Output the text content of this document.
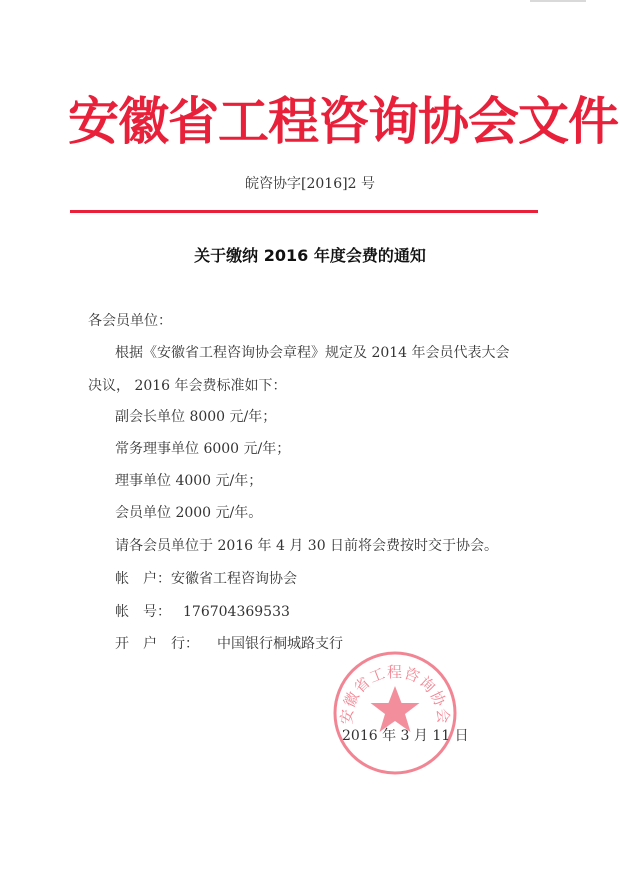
安徽省工程咨询协会文件
皖咨协字[2016]2 号
关于缴纳 2016 年度会费的通知
各会员单位：
根据《安徽省工程咨询协会章程》规定及 2014 年会员代表大会
决议， 2016 年会费标准如下：
副会长单位 8000 元/年；
常务理事单位 6000 元/年；
理事单位 4000 元/年；
会员单位 2000 元/年。
请各会员单位于 2016 年 4 月 30 日前将会费按时交于协会。
帐　户：安徽省工程咨询协会
帐　号： 176704369533
开　户　行： 中国银行桐城路支行
安徽省工程咨询协会
2016 年 3 月 11 日
